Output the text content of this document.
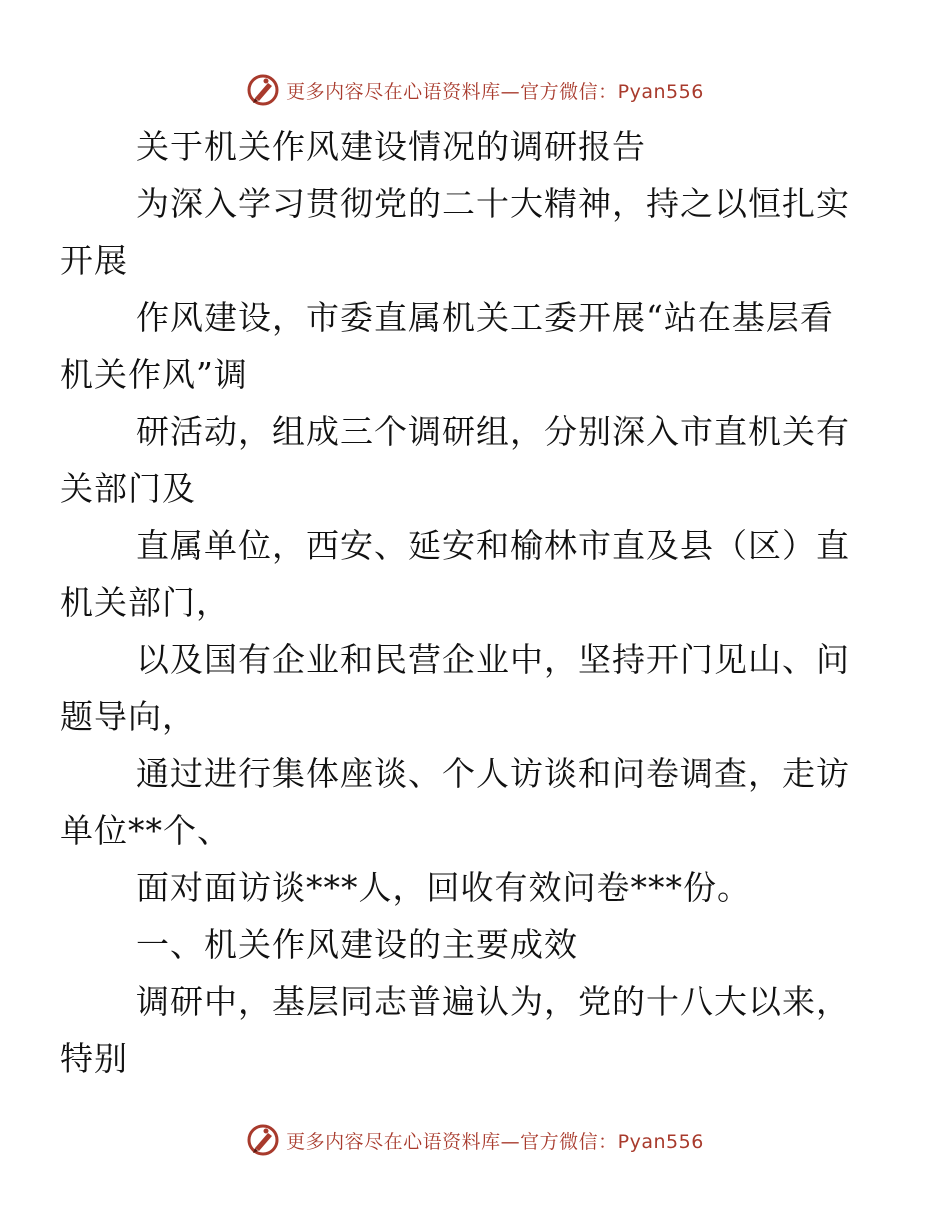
更多内容尽在心语资料库—官方微信：Pyan556

关于机关作风建设情况的调研报告

为深入学习贯彻党的二十大精神，持之以恒扎实
开展

作风建设，市委直属机关工委开展“站在基层看
机关作风”调

研活动，组成三个调研组，分别深入市直机关有
关部门及

直属单位，西安、延安和榆林市直及县（区）直
机关部门，

以及国有企业和民营企业中，坚持开门见山、问
题导向，

通过进行集体座谈、个人访谈和问卷调查，走访
单位**个、

面对面访谈***人，回收有效问卷***份。

一、机关作风建设的主要成效

调研中，基层同志普遍认为，党的十八大以来，
特别

更多内容尽在心语资料库—官方微信：Pyan556
